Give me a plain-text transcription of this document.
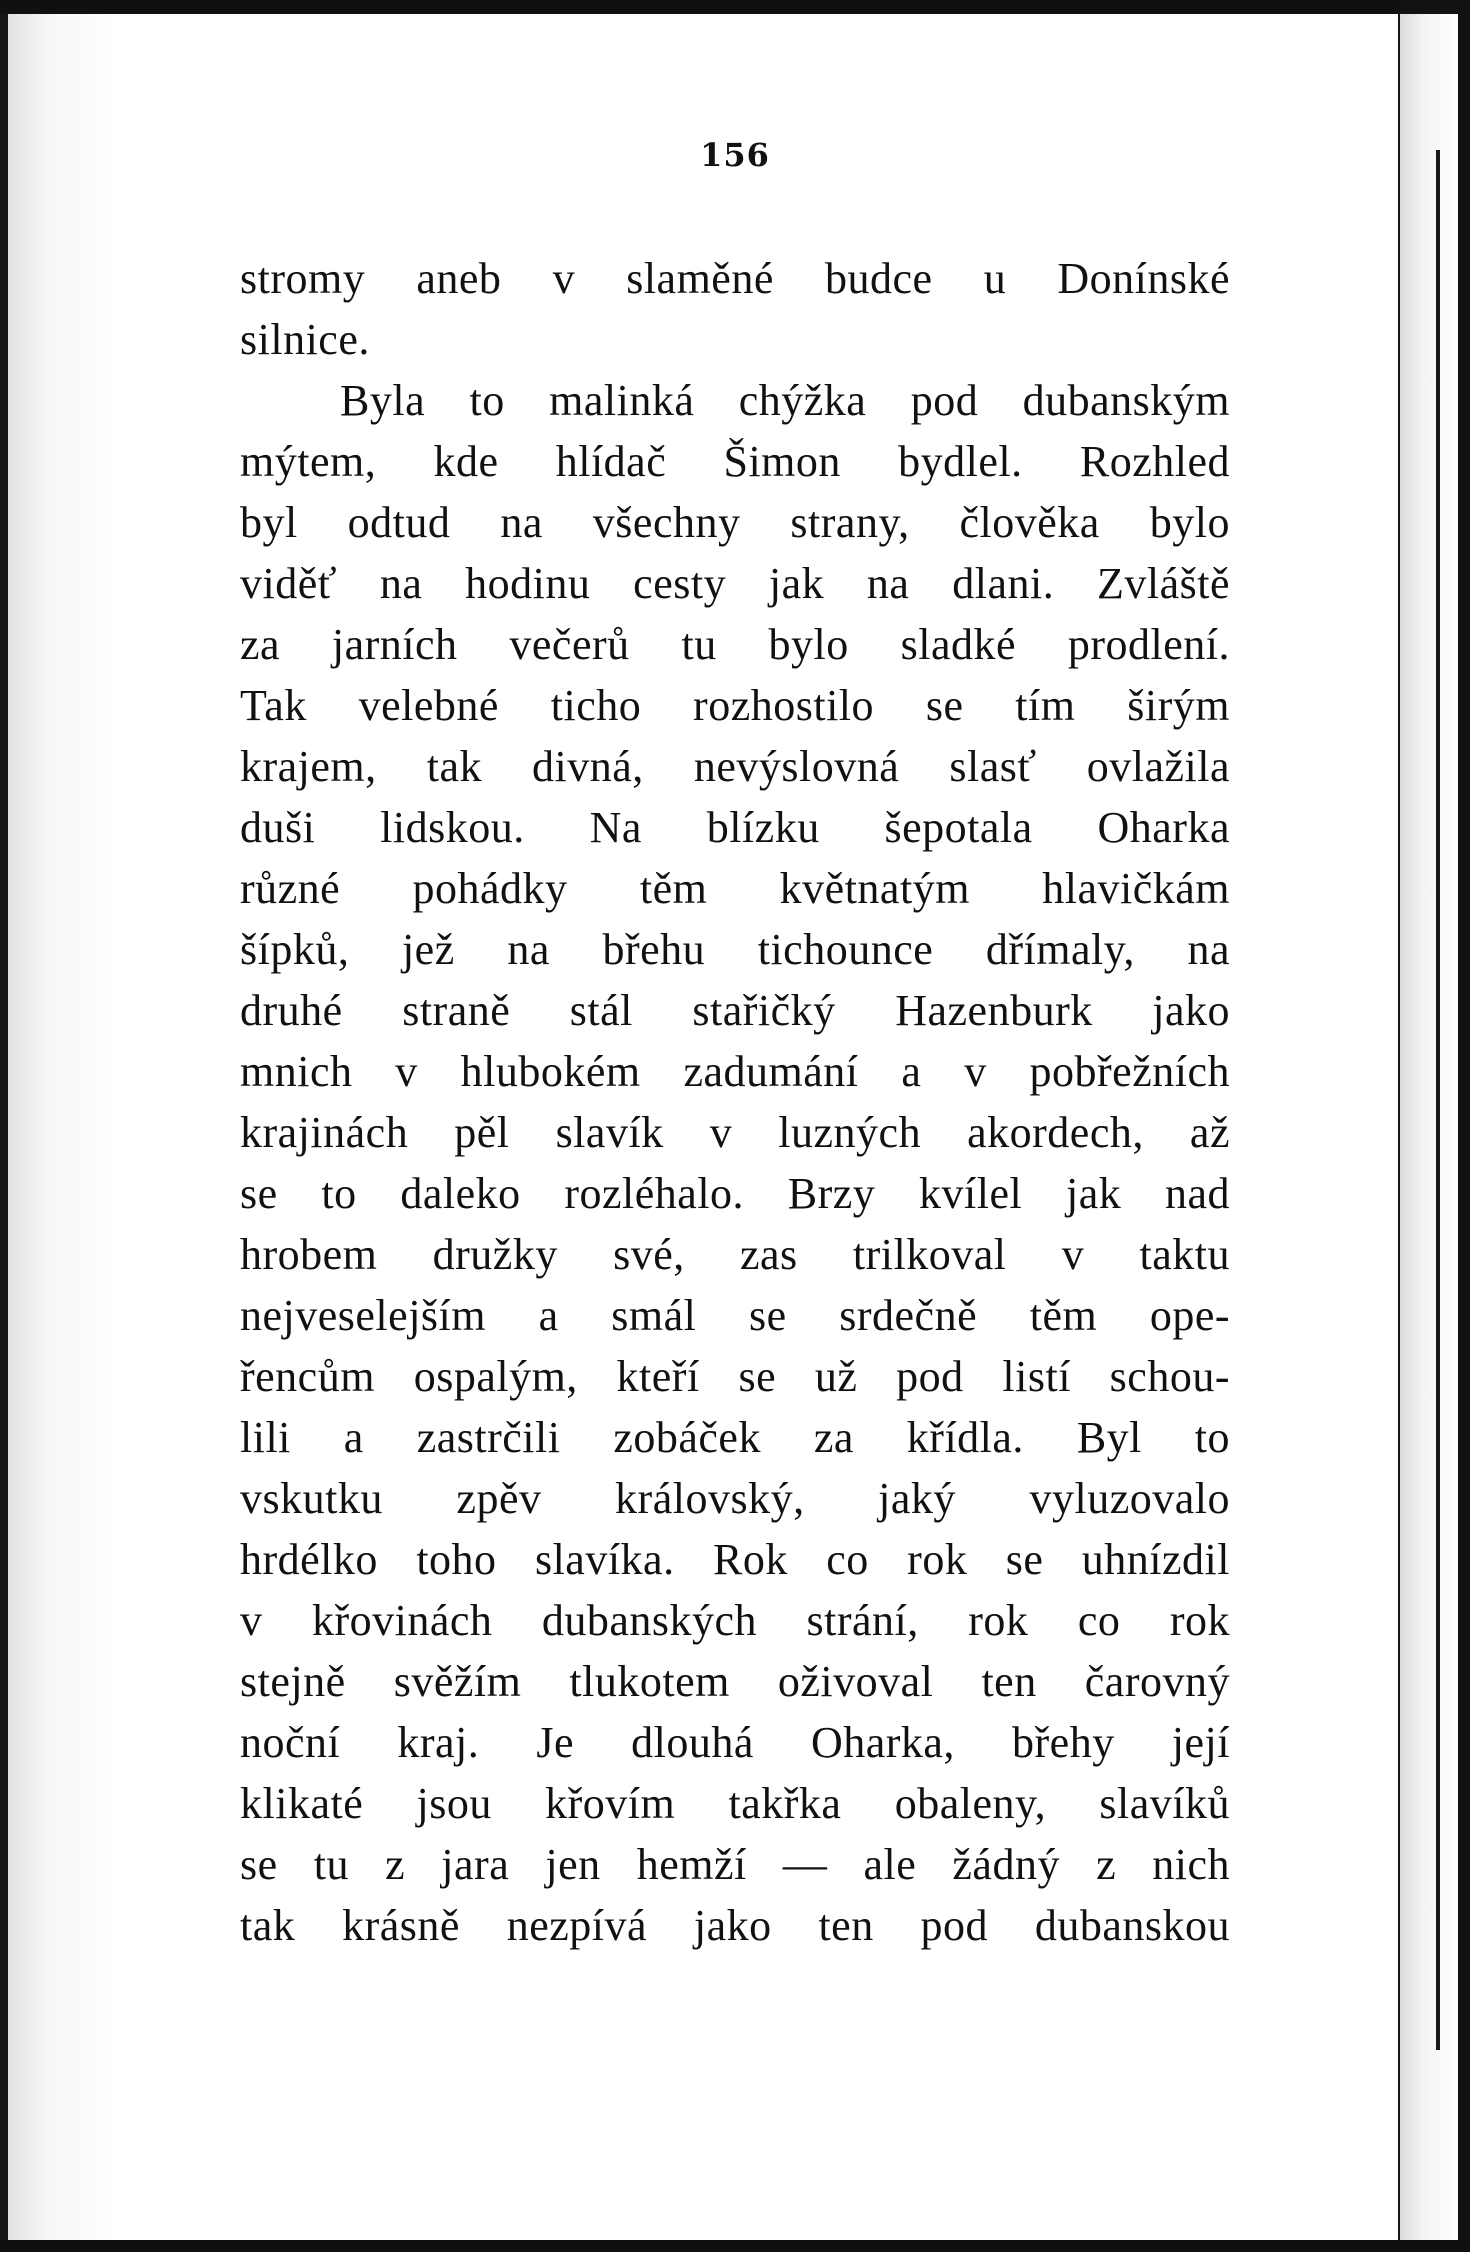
156
stromy aneb v slaměné budce u Donínské
silnice.
Byla to malinká chýžka pod dubanským
mýtem, kde hlídač Šimon bydlel. Rozhled
byl odtud na všechny strany, člověka bylo
viděť na hodinu cesty jak na dlani. Zvláště
za jarních večerů tu bylo sladké prodlení.
Tak velebné ticho rozhostilo se tím širým
krajem, tak divná, nevýslovná slasť ovlažila
duši lidskou. Na blízku šepotala Oharka
různé pohádky těm květnatým hlavičkám
šípků, jež na břehu tichounce dřímaly, na
druhé straně stál stařičký Hazenburk jako
mnich v hlubokém zadumání a v pobřežních
krajinách pěl slavík v luzných akordech, až
se to daleko rozléhalo. Brzy kvílel jak nad
hrobem družky své, zas trilkoval v taktu
nejveselejším a smál se srdečně těm ope-
řencům ospalým, kteří se už pod listí schou-
lili a zastrčili zobáček za křídla. Byl to
vskutku zpěv královský, jaký vyluzovalo
hrdélko toho slavíka. Rok co rok se uhnízdil
v křovinách dubanských strání, rok co rok
stejně svěžím tlukotem oživoval ten čarovný
noční kraj. Je dlouhá Oharka, břehy její
klikaté jsou křovím takřka obaleny, slavíků
se tu z jara jen hemží — ale žádný z nich
tak krásně nezpívá jako ten pod dubanskou
